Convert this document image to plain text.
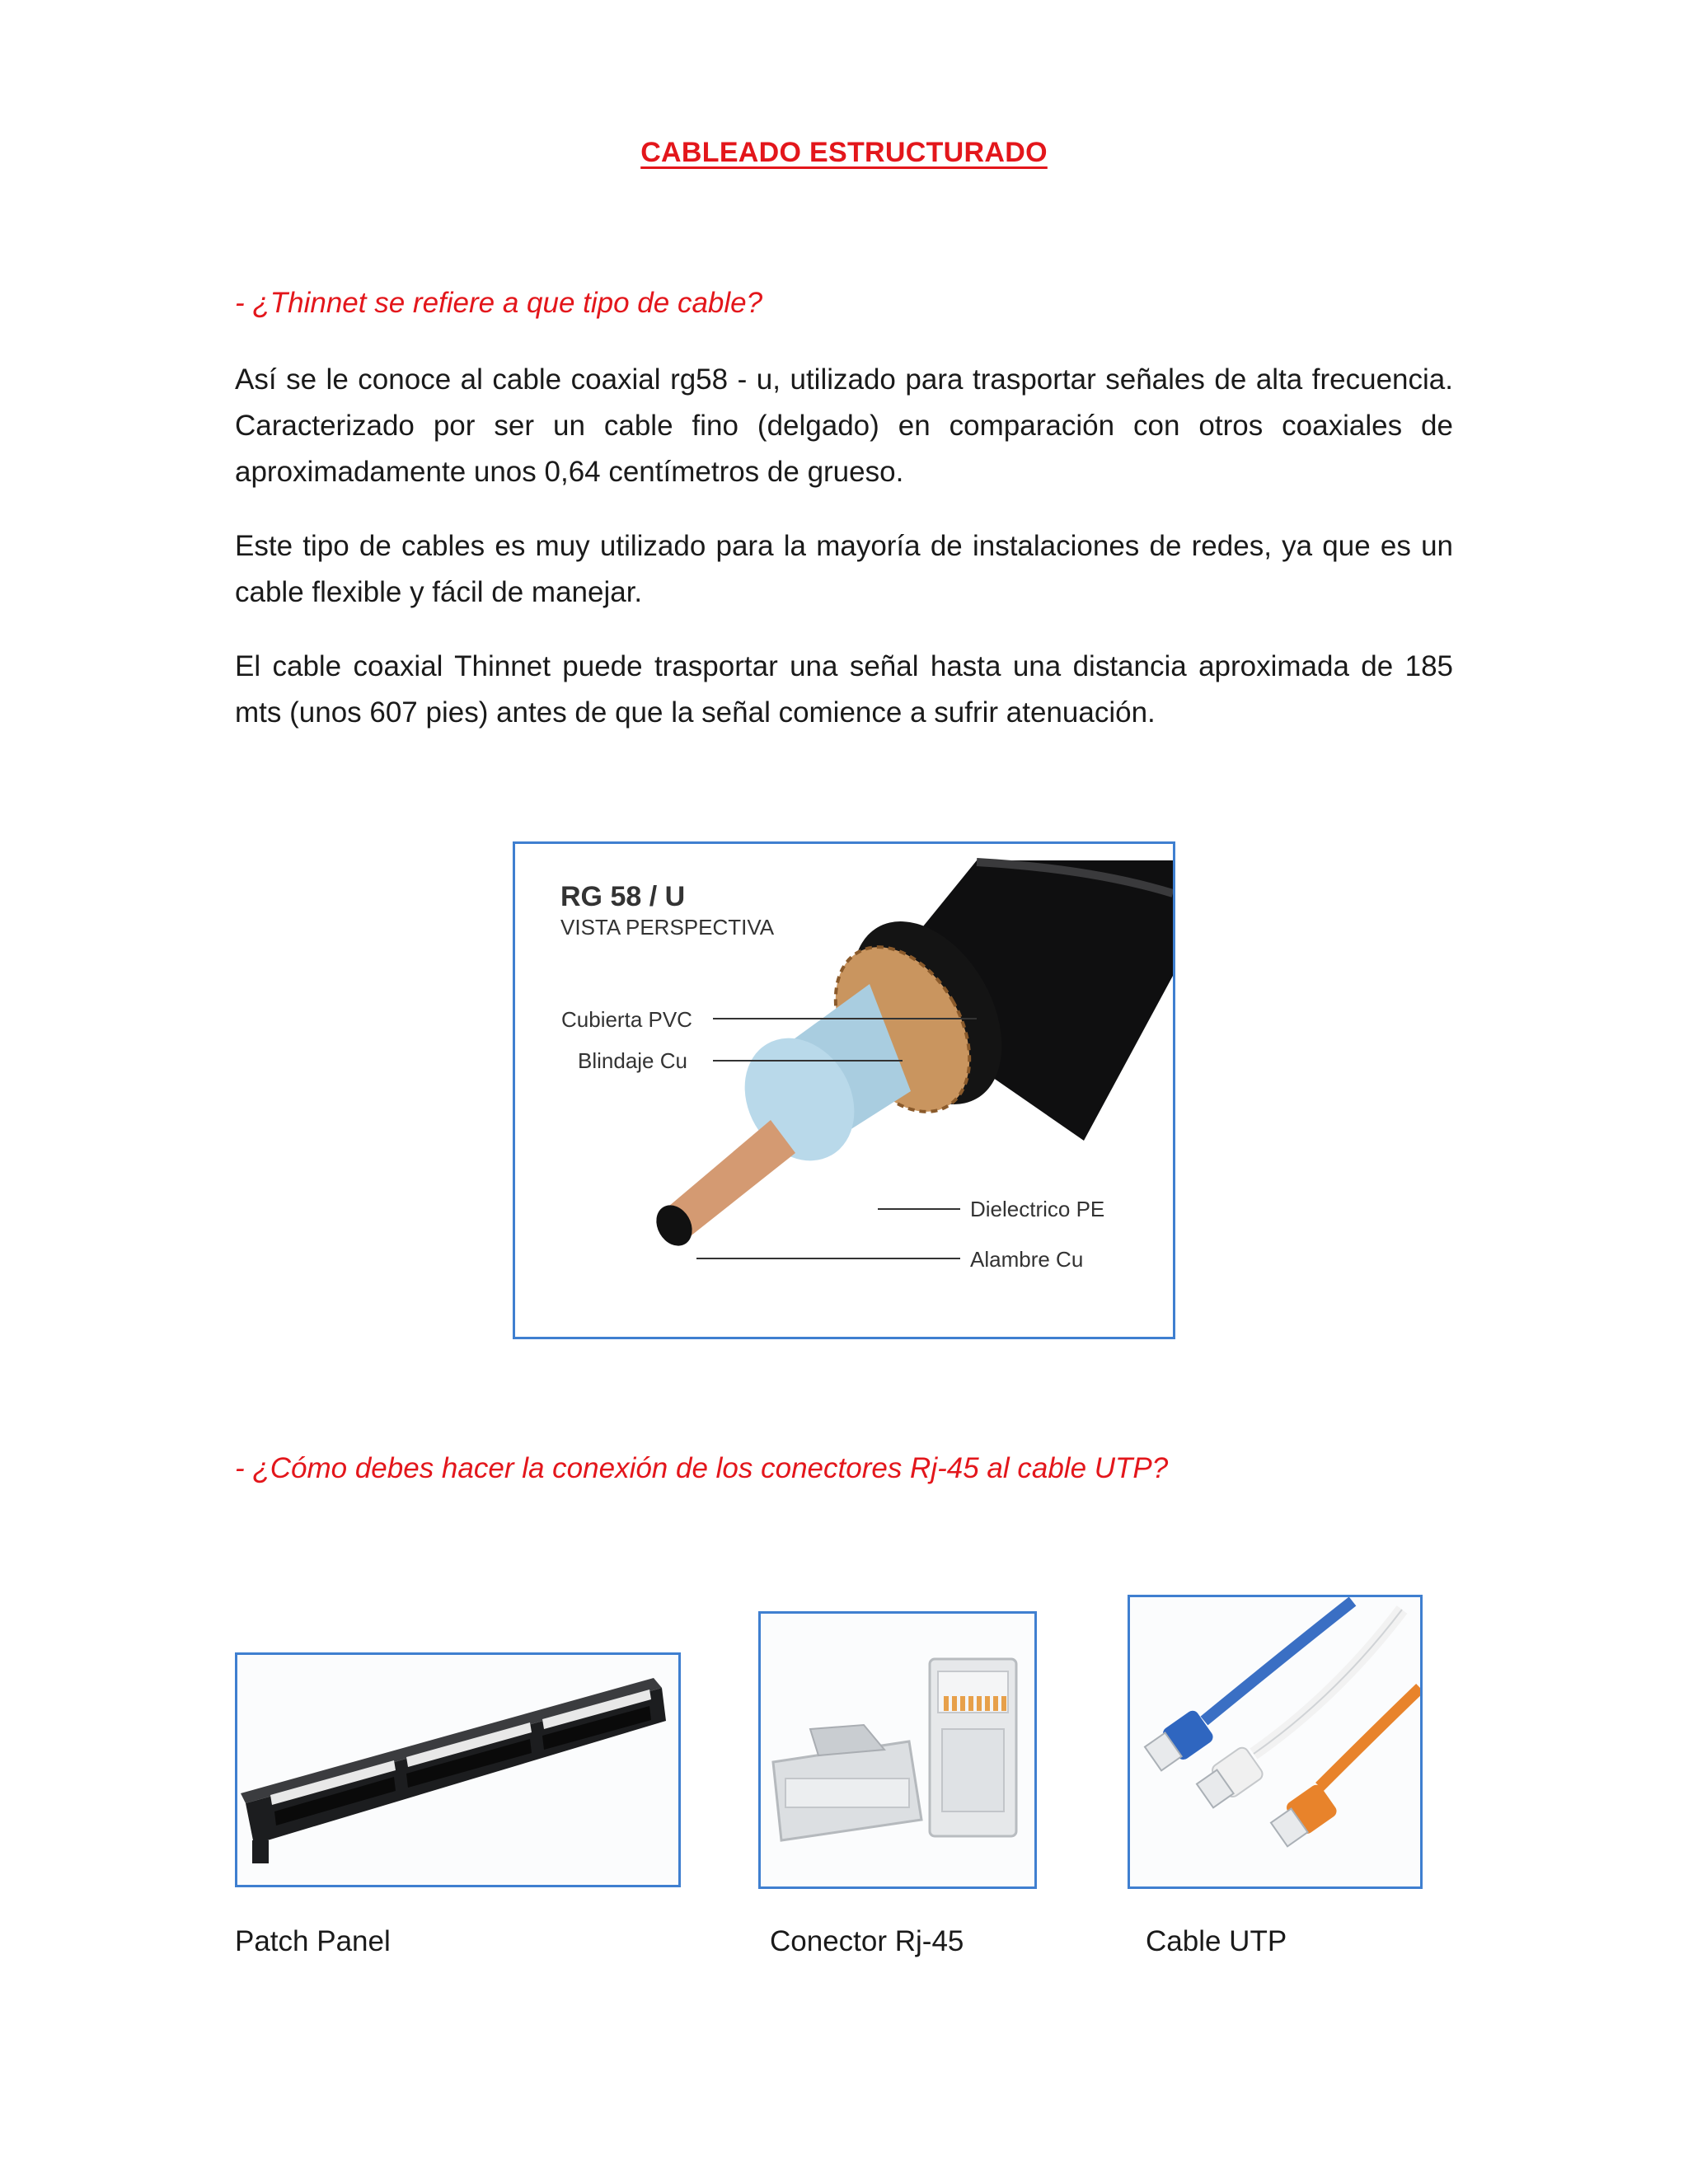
CABLEADO ESTRUCTURADO
- ¿Thinnet se refiere a que tipo de cable?

Así se le conoce al cable coaxial rg58 - u, utilizado para trasportar señales de alta frecuencia. Caracterizado por ser un cable fino (delgado) en comparación con otros coaxiales de aproximadamente unos 0,64 centímetros de grueso.

Este tipo de cables es muy utilizado para la mayoría de instalaciones de redes, ya que es un cable flexible y fácil de manejar.

El cable coaxial Thinnet puede trasportar una señal hasta una distancia aproximada de 185 mts (unos 607 pies) antes de que la señal comience a sufrir atenuación.

RG 58 / U
VISTA PERSPECTIVA
Cubierta PVC
Blindaje Cu
Dielectrico PE
Alambre Cu
- ¿Cómo debes hacer la conexión de los conectores Rj-45 al cable UTP?
Patch Panel	Conector Rj-45	Cable UTP
